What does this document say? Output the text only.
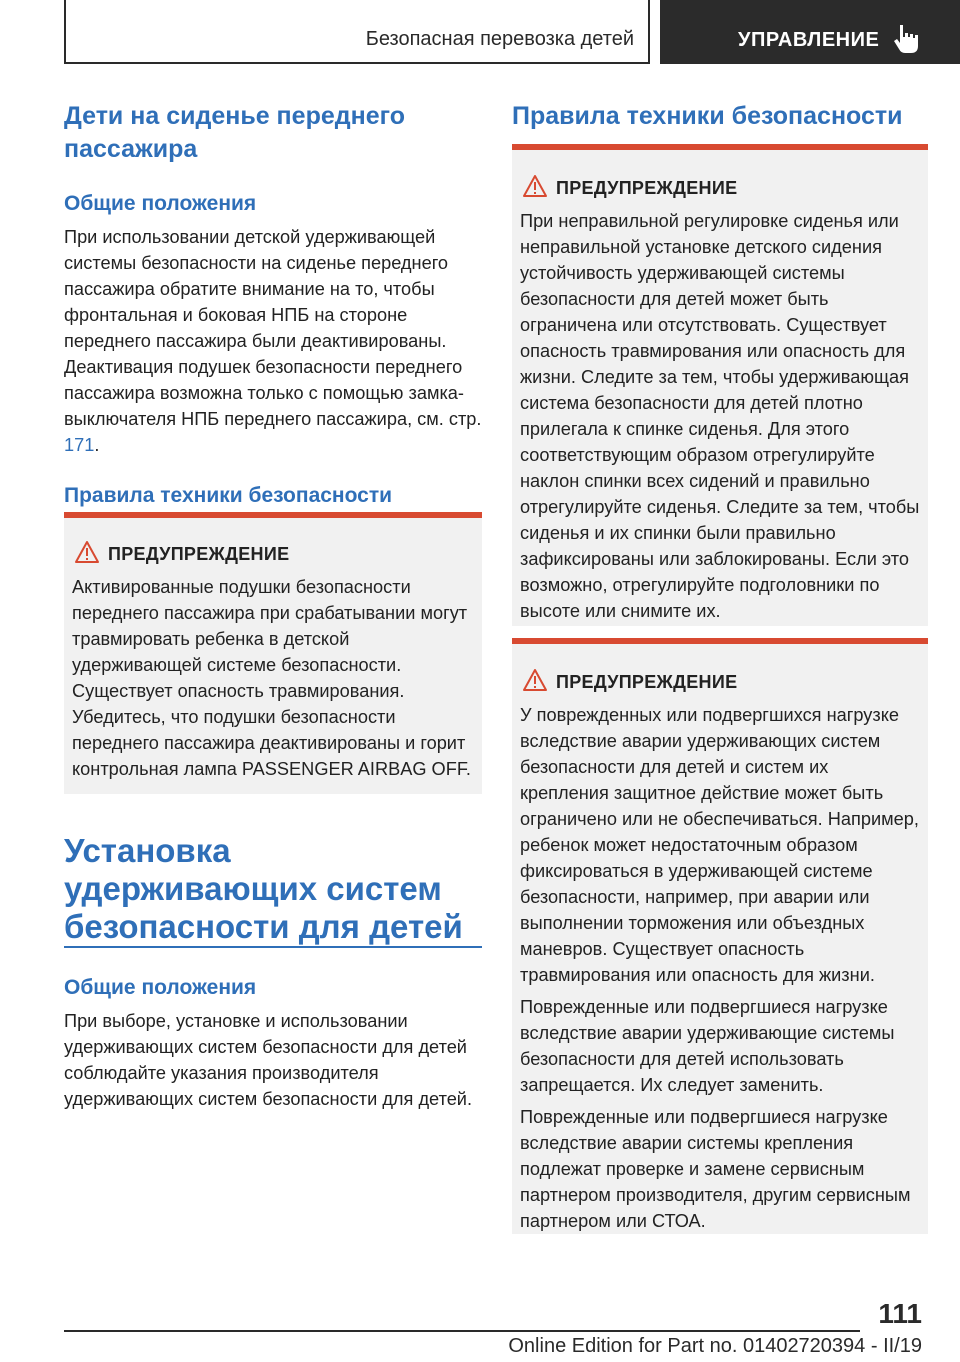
Безопасная перевозка детей	УПРАВЛЕНИЕ
Дети на сиденье переднего пассажира
Общие положения

При использовании детской удерживающей системы безопасности на сиденье переднего пассажира обратите внимание на то, чтобы фронтальная и боковая НПБ на стороне переднего пассажира были деактивированы. Деактивация подушек безопасности переднего пассажира возможна только с помощью замка-выключателя НПБ переднего пассажира, см. стр. 171.

Правила техники безопасности
ПРЕДУПРЕЖДЕНИЕ

Активированные подушки безопасности переднего пассажира при срабатывании могут травмировать ребенка в детской удерживающей системе безопасности. Существует опасность травмирования. Убедитесь, что подушки безопасности переднего пассажира деактивированы и горит контрольная лампа PASSENGER AIRBAG OFF.

Установка удерживающих систем безопасности для детей
Общие положения

При выборе, установке и использовании удерживающих систем безопасности для детей соблюдайте указания производителя удерживающих систем безопасности для детей.

Правила техники безопасности
ПРЕДУПРЕЖДЕНИЕ

При неправильной регулировке сиденья или неправильной установке детского сидения устойчивость удерживающей системы безопасности для детей может быть ограничена или отсутствовать. Существует опасность травмирования или опасность для жизни. Следите за тем, чтобы удерживающая система безопасности для детей плотно прилегала к спинке сиденья. Для этого соответствующим образом отрегулируйте наклон спинки всех сидений и правильно отрегулируйте сиденья. Следите за тем, чтобы сиденья и их спинки были правильно зафиксированы или заблокированы. Если это возможно, отрегулируйте подголовники по высоте или снимите их.

ПРЕДУПРЕЖДЕНИЕ

У поврежденных или подвергшихся нагрузке вследствие аварии удерживающих систем безопасности для детей и систем их крепления защитное действие может быть ограничено или не обеспечиваться. Например, ребенок может недостаточным образом фиксироваться в удерживающей системе безопасности, например, при аварии или выполнении торможения или объездных маневров. Существует опасность травмирования или опасность для жизни.

Поврежденные или подвергшиеся нагрузке вследствие аварии удерживающие системы безопасности для детей использовать запрещается. Их следует заменить.

Поврежденные или подвергшиеся нагрузке вследствие аварии системы крепления подлежат проверке и замене сервисным партнером производителя, другим сервисным партнером или СТОА.

111
Online Edition for Part no. 01402720394 - II/19
